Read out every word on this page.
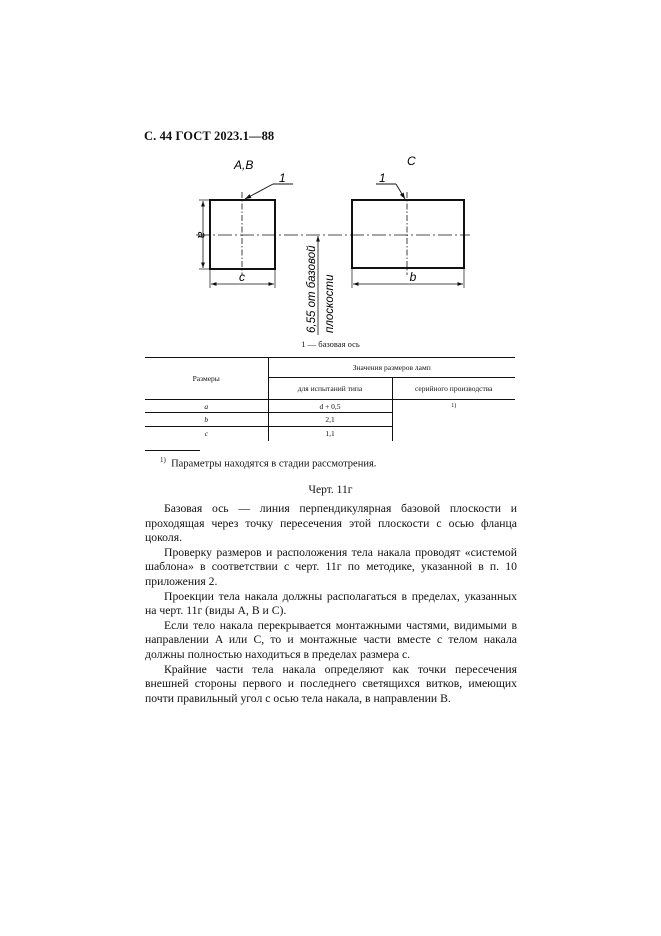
С. 44 ГОСТ 2023.1—88
A,B	C
1	1
a
c	b
6,55 от базовой плоскости
1 — базовая ось
Размеры	Значения размеров ламп	
	для испытаний типа	серийного производства
a	d + 0,5	$^{1)}$
b	2,1	
c	1,1	
$^{1)}$ Параметры находятся в стадии рассмотрения.
Черт. 11г

Базовая ось — линия перпендикулярная базовой плоскости и проходящая через точку пересечения этой плоскости с осью фланца цоколя.

Проверку размеров и расположения тела накала проводят «системой шаблона» в соответствии с черт. 11г по методике, указанной в п. 10 приложения 2.

Проекции тела накала должны располагаться в пределах, указанных на черт. 11г (виды A, B и C).

Если тело накала перекрывается монтажными частями, видимыми в направлении A или C, то и монтажные части вместе с телом накала должны полностью находиться в пределах размера c.

Крайние части тела накала определяют как точки пересечения внешней стороны первого и последнего светящихся витков, имеющих почти правильный угол с осью тела накала, в направлении B.
